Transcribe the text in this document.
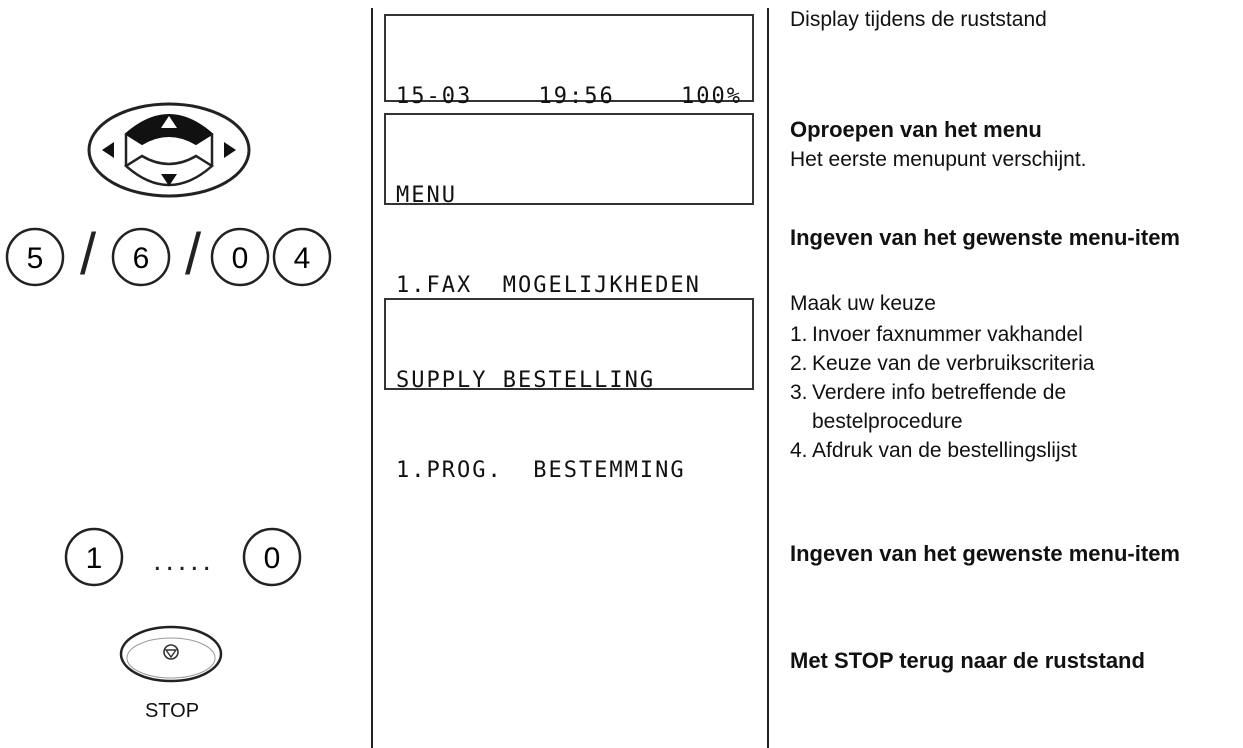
5 / 6 / 0 4
1 ..... 0
STOP

15-03	19:56	100%

MENU

1.FAX  MOGELIJKHEDEN

SUPPLY BESTELLING

1.PROG.  BESTEMMING

Display tijdens de ruststand
Oproepen van het menu
Het eerste menupunt verschijnt.
Ingeven van het gewenste menu-item
Maak uw keuze
1. Invoer faxnummer vakhandel
2. Keuze van de verbruikscriteria
3. Verdere info betreffende de bestelprocedure
4. Afdruk van de bestellingslijst
Ingeven van het gewenste menu-item
Met STOP terug naar de ruststand
